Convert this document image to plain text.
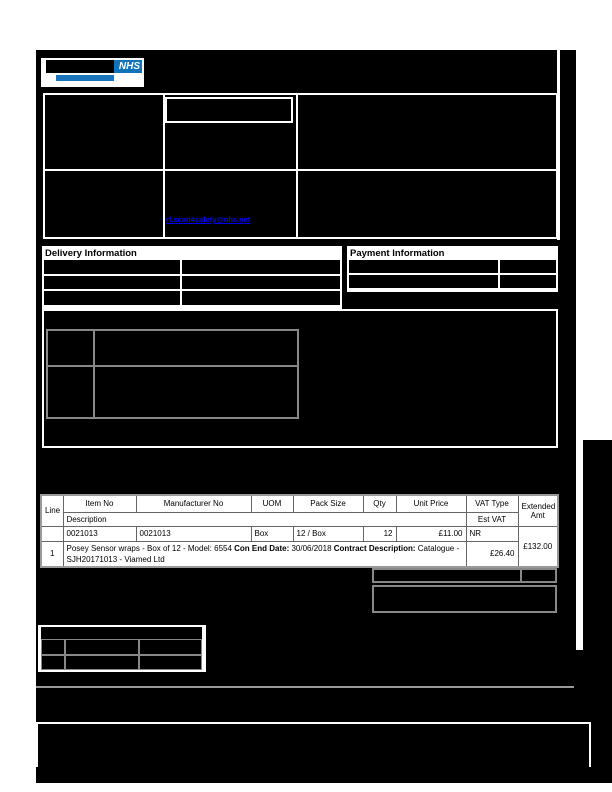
NHS
rf.scan4safety@nhs.net
Delivery Information	Payment Information
Line	Item No	Manufacturer No	UOM	Pack Size	Qty	Unit Price	VAT Type	Extended Amt
	Description						Est VAT	
	0021013	0021013	Box	12 / Box	12	£11.00	NR	£132.00
1	Posey Sensor wraps - Box of 12 - Model: 6554 Con End Date: 30/06/2018 Contract Description: Catalogue - SJH20171013 - Viamed Ltd						£26.40	
